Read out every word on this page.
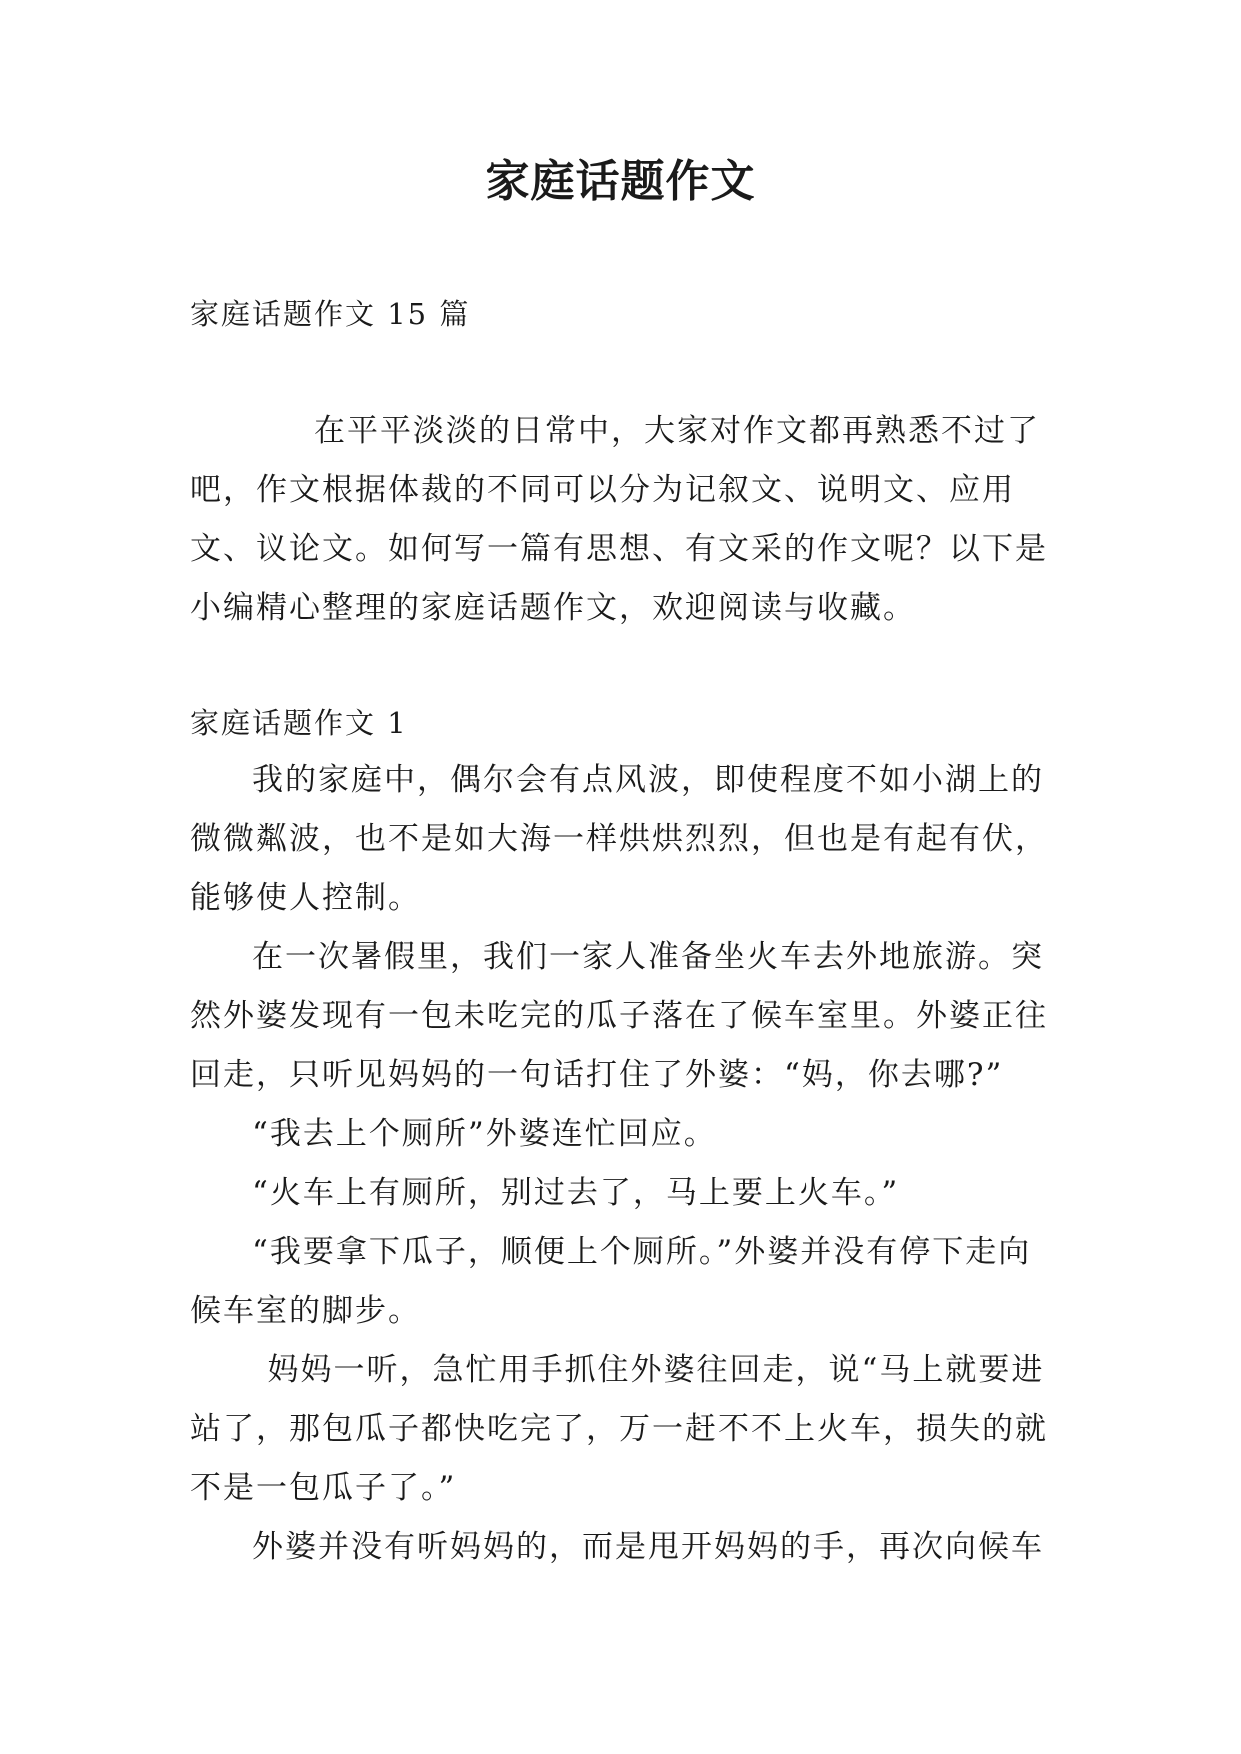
家庭话题作文
家庭话题作文 15 篇

在平平淡淡的日常中，大家对作文都再熟悉不过了吧，作文根据体裁的不同可以分为记叙文、说明文、应用文、议论文。如何写一篇有思想、有文采的作文呢？以下是小编精心整理的家庭话题作文，欢迎阅读与收藏。

家庭话题作文 1

我的家庭中，偶尔会有点风波，即使程度不如小湖上的微微粼波，也不是如大海一样烘烘烈烈，但也是有起有伏，能够使人控制。

在一次暑假里，我们一家人准备坐火车去外地旅游。突然外婆发现有一包未吃完的瓜子落在了候车室里。外婆正往回走，只听见妈妈的一句话打住了外婆：“妈，你去哪?”

“我去上个厕所”外婆连忙回应。

“火车上有厕所，别过去了，马上要上火车。”

“我要拿下瓜子，顺便上个厕所。”外婆并没有停下走向候车室的脚步。

妈妈一听，急忙用手抓住外婆往回走，说“马上就要进站了，那包瓜子都快吃完了，万一赶不不上火车，损失的就不是一包瓜子了。”

外婆并没有听妈妈的，而是甩开妈妈的手，再次向候车
